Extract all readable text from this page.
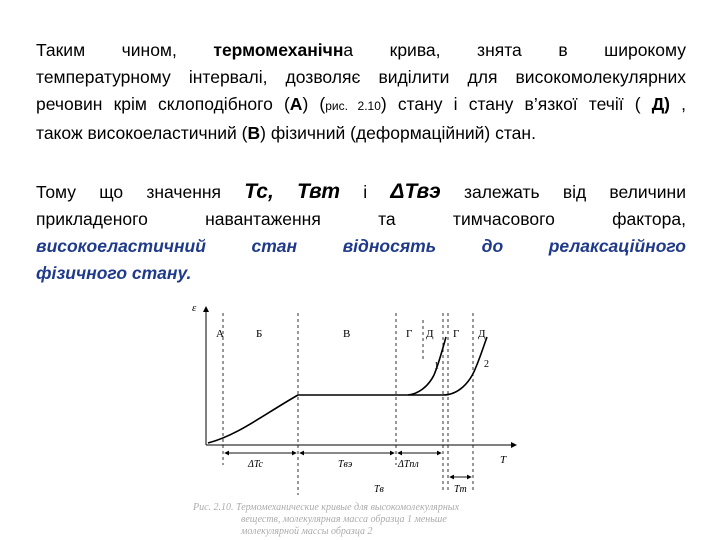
Таким чином, термомеханічна крива, знята в широкому
температурному інтервалі, дозволяє виділити для високомолекулярних
речовин крім склоподібного (А) (рис. 2.10) стану і стану в’язкої течії ( Д) ,
також високоеластичний (В) фізичний (деформаційний) стан.
Тому що значення Тс, Твт і ΔТвэ залежать від величини
прикладеного навантаження та тимчасового фактора,
високоеластичний стан відносять до релаксаційного
фізичного стану.
ε
T
А	Б	В	Г Д Г Д
1	2
ΔTc	Tвэ	ΔTпл
Tm
Tв
Рис. 2.10. Термомеханические кривые для высокомолекулярных

веществ, молекулярная масса образца 1 меньше
молекулярной массы образца 2
